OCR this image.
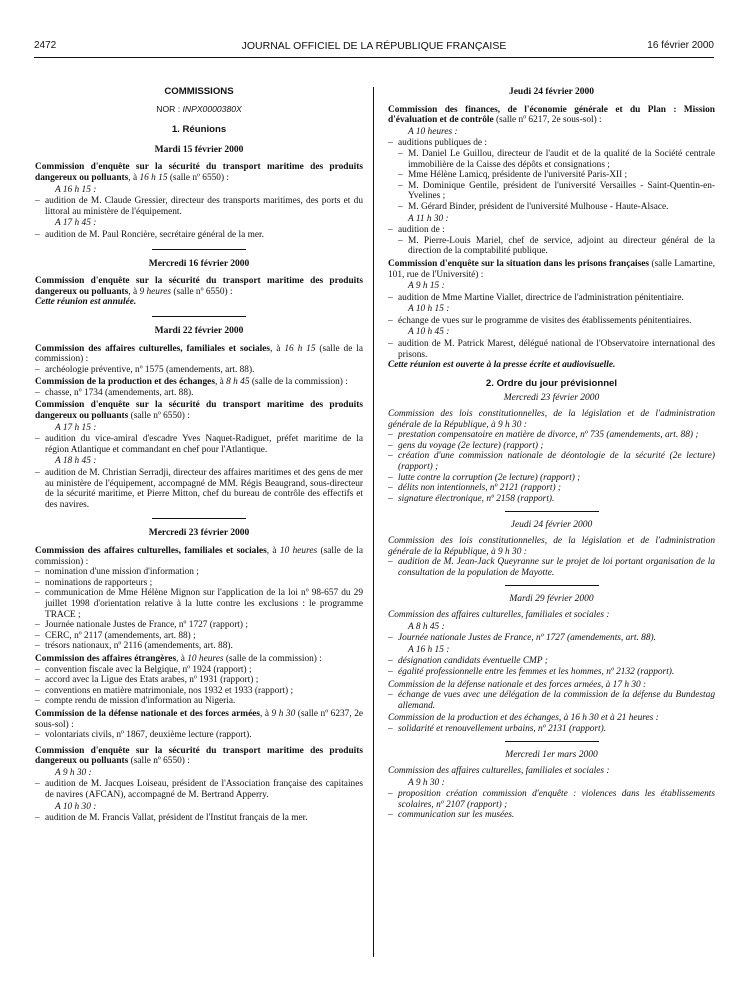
2472	JOURNAL OFFICIEL DE LA RÉPUBLIQUE FRANÇAISE	16 février 2000
COMMISSIONS
NOR : INPX0000380X
1. Réunions
Mardi 15 février 2000
Commission d'enquête sur la sécurité du transport maritime des produits dangereux ou polluants, à 16 h 15 (salle nº 6550) :
A 16 h 15 :
– audition de M. Claude Gressier, directeur des transports maritimes, des ports et du littoral au ministère de l'équipement.
A 17 h 45 :
– audition de M. Paul Roncière, secrétaire général de la mer.
Mercredi 16 février 2000
Commission d'enquête sur la sécurité du transport maritime des produits dangereux ou polluants, à 9 heures (salle nº 6550) :
Cette réunion est annulée.
Mardi 22 février 2000
Commission des affaires culturelles, familiales et sociales, à 16 h 15 (salle de la commission) :
– archéologie préventive, nº 1575 (amendements, art. 88).
Commission de la production et des échanges, à 8 h 45 (salle de la commission) :
– chasse, nº 1734 (amendements, art. 88).
Commission d'enquête sur la sécurité du transport maritime des produits dangereux ou polluants (salle nº 6550) :
A 17 h 15 :
– audition du vice-amiral d'escadre Yves Naquet-Radiguet, préfet maritime de la région Atlantique et commandant en chef pour l'Atlantique.
A 18 h 45 :
– audition de M. Christian Serradji, directeur des affaires maritimes et des gens de mer au ministère de l'équipement, accompagné de MM. Régis Beaugrand, sous-directeur de la sécurité maritime, et Pierre Mitton, chef du bureau de contrôle des effectifs et des navires.
Mercredi 23 février 2000
Commission des affaires culturelles, familiales et sociales, à 10 heures (salle de la commission) :
– nomination d'une mission d'information ;
– nominations de rapporteurs ;
– communication de Mme Hélène Mignon sur l'application de la loi nº 98-657 du 29 juillet 1998 d'orientation relative à la lutte contre les exclusions : le programme TRACE ;
– Journée nationale Justes de France, nº 1727 (rapport) ;
– CERC, nº 2117 (amendements, art. 88) ;
– trésors nationaux, nº 2116 (amendements, art. 88).
Commission des affaires étrangères, à 10 heures (salle de la commission) :
– convention fiscale avec la Belgique, nº 1924 (rapport) ;
– accord avec la Ligue des Etats arabes, nº 1931 (rapport) ;
– conventions en matière matrimoniale, nos 1932 et 1933 (rapport) ;
– compte rendu de mission d'information au Nigeria.
Commission de la défense nationale et des forces armées, à 9 h 30 (salle nº 6237, 2e sous-sol) :
– volontariats civils, nº 1867, deuxième lecture (rapport).
Commission d'enquête sur la sécurité du transport maritime des produits dangereux ou polluants (salle nº 6550) :
A 9 h 30 :
– audition de M. Jacques Loiseau, président de l'Association française des capitaines de navires (AFCAN), accompagné de M. Bertrand Apperry.
A 10 h 30 :
– audition de M. Francis Vallat, président de l'Institut français de la mer.
Jeudi 24 février 2000
Commission des finances, de l'économie générale et du Plan : Mission d'évaluation et de contrôle (salle nº 6217, 2e sous-sol) :
A 10 heures :
– auditions publiques de :
– M. Daniel Le Guillou, directeur de l'audit et de la qualité de la Société centrale immobilière de la Caisse des dépôts et consignations ;
– Mme Hélène Lamicq, présidente de l'université Paris-XII ;
– M. Dominique Gentile, président de l'université Versailles - Saint-Quentin-en-Yvelines ;
– M. Gérard Binder, président de l'université Mulhouse - Haute-Alsace.
A 11 h 30 :
– audition de :
– M. Pierre-Louis Mariel, chef de service, adjoint au directeur général de la direction de la comptabilité publique.
Commission d'enquête sur la situation dans les prisons françaises (salle Lamartine, 101, rue de l'Université) :
A 9 h 15 :
– audition de Mme Martine Viallet, directrice de l'administration pénitentiaire.
A 10 h 15 :
– échange de vues sur le programme de visites des établissements pénitentiaires.
A 10 h 45 :
– audition de M. Patrick Marest, délégué national de l'Observatoire international des prisons.
Cette réunion est ouverte à la presse écrite et audiovisuelle.
2. Ordre du jour prévisionnel
Mercredi 23 février 2000
Commission des lois constitutionnelles, de la législation et de l'administration générale de la République, à 9 h 30 :
– prestation compensatoire en matière de divorce, nº 735 (amendements, art. 88) ;
– gens du voyage (2e lecture) (rapport) ;
– création d'une commission nationale de déontologie de la sécurité (2e lecture) (rapport) ;
– lutte contre la corruption (2e lecture) (rapport) ;
– délits non intentionnels, nº 2121 (rapport) ;
– signature électronique, nº 2158 (rapport).
Jeudi 24 février 2000
Commission des lois constitutionnelles, de la législation et de l'administration générale de la République, à 9 h 30 :
– audition de M. Jean-Jack Queyranne sur le projet de loi portant organisation de la consultation de la population de Mayotte.
Mardi 29 février 2000
Commission des affaires culturelles, familiales et sociales :
A 8 h 45 :
– Journée nationale Justes de France, nº 1727 (amendements, art. 88).
A 16 h 15 :
– désignation candidats éventuelle CMP ;
– égalité professionnelle entre les femmes et les hommes, nº 2132 (rapport).
Commission de la défense nationale et des forces armées, à 17 h 30 :
– échange de vues avec une délégation de la commission de la défense du Bundestag allemand.
Commission de la production et des échanges, à 16 h 30 et à 21 heures :
– solidarité et renouvellement urbains, nº 2131 (rapport).
Mercredi 1er mars 2000
Commission des affaires culturelles, familiales et sociales :
A 9 h 30 :
– proposition création commission d'enquête : violences dans les établissements scolaires, nº 2107 (rapport) ;
– communication sur les musées.
